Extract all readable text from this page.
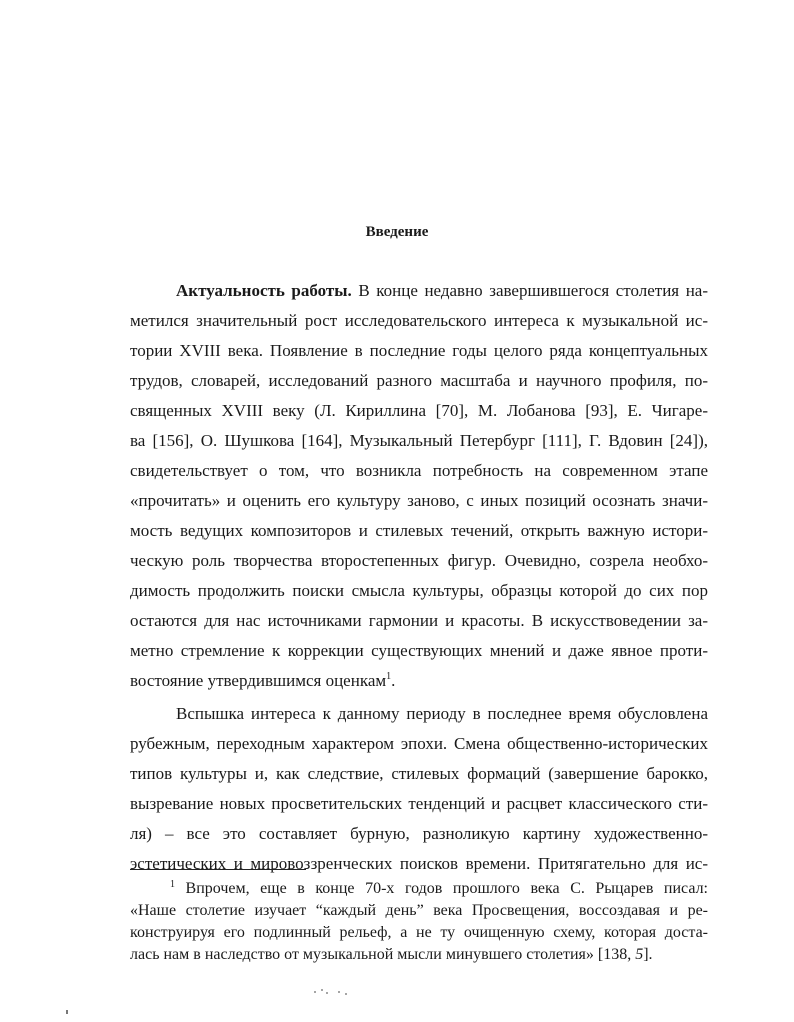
Введение
Актуальность работы. В конце недавно завершившегося столетия на-
метился значительный рост исследовательского интереса к музыкальной ис-
тории XVIII века. Появление в последние годы целого ряда концептуальных
трудов, словарей, исследований разного масштаба и научного профиля, по-
священных XVIII веку (Л. Кириллина [70], М. Лобанова [93], Е. Чигаре-
ва [156], О. Шушкова [164], Музыкальный Петербург [111], Г. Вдовин [24]),
свидетельствует о том, что возникла потребность на современном этапе
«прочитать» и оценить его культуру заново, с иных позиций осознать значи-
мость ведущих композиторов и стилевых течений, открыть важную истори-
ческую роль творчества второстепенных фигур. Очевидно, созрела необхо-
димость продолжить поиски смысла культуры, образцы которой до сих пор
остаются для нас источниками гармонии и красоты. В искусствоведении за-
метно стремление к коррекции существующих мнений и даже явное проти-
востояние утвердившимся оценкам$^1$.
Вспышка интереса к данному периоду в последнее время обусловлена
рубежным, переходным характером эпохи. Смена общественно-исторических
типов культуры и, как следствие, стилевых формаций (завершение барокко,
вызревание новых просветительских тенденций и расцвет классического сти-
ля) – все это составляет бурную, разноликую картину художественно-
эстетических и мировоззренческих поисков времени. Притягательно для ис-
$^1$ Впрочем, еще в конце 70-х годов прошлого века С. Рыцарев писал:
«Наше столетие изучает “каждый день” века Просвещения, воссоздавая и ре-
конструируя его подлинный рельеф, а не ту очищенную схему, которая доста-
лась нам в наследство от музыкальной мысли минувшего столетия» [138, 5].
